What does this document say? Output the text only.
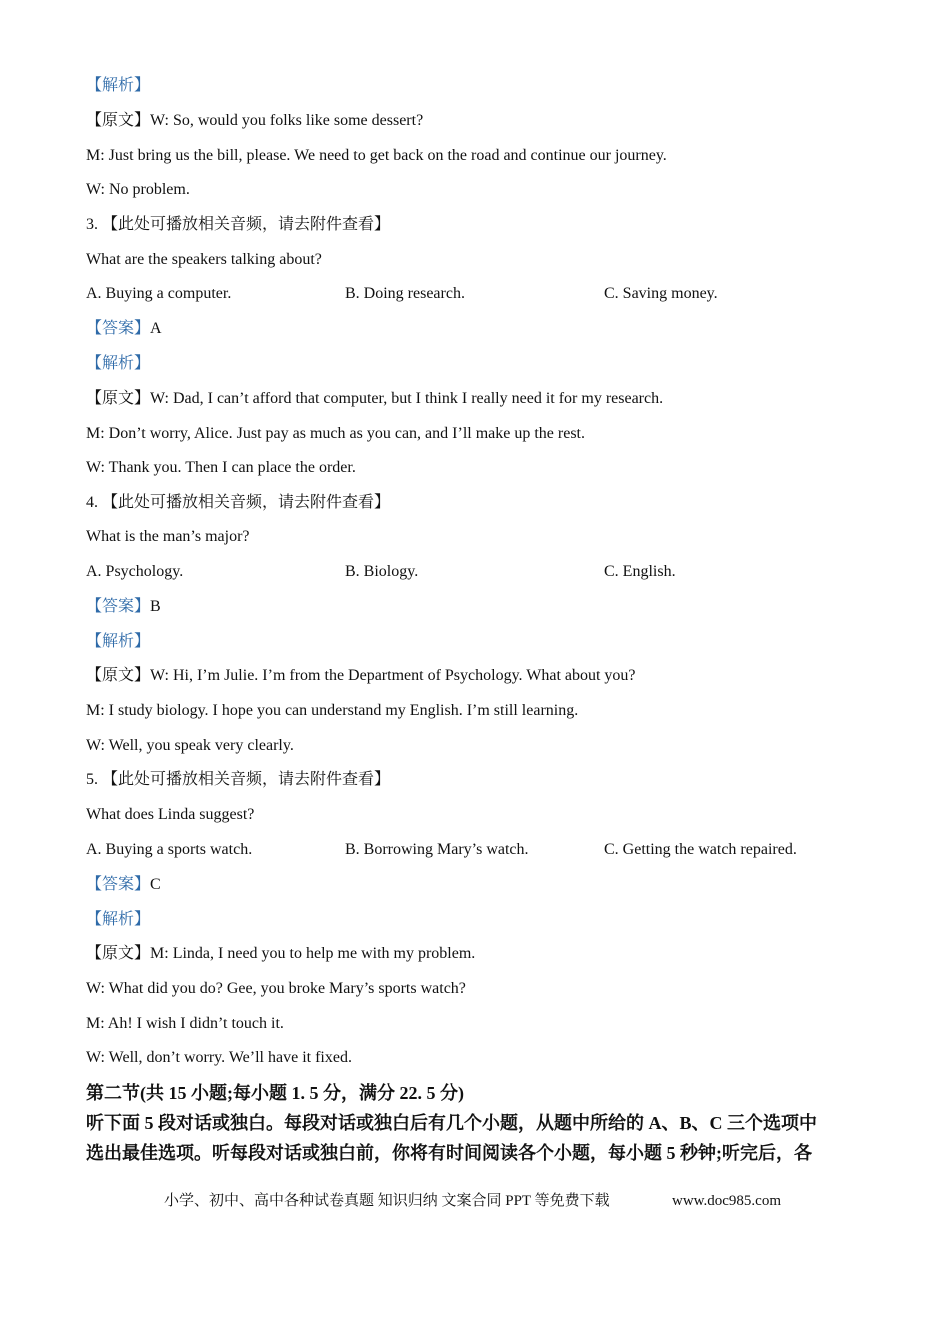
【解析】
【原文】W: So, would you folks like some dessert?
M: Just bring us the bill, please. We need to get back on the road and continue our journey.
W: No problem.
3. 【此处可播放相关音频，请去附件查看】
What are the speakers talking about?
A. Buying a computer.	B. Doing research.	C. Saving money.
【答案】A
【解析】
【原文】W: Dad, I can’t afford that computer, but I think I really need it for my research.
M: Don’t worry, Alice. Just pay as much as you can, and I’ll make up the rest.
W: Thank you. Then I can place the order.
4. 【此处可播放相关音频，请去附件查看】
What is the man’s major?
A. Psychology.	B. Biology.	C. English.
【答案】B
【解析】
【原文】W: Hi, I’m Julie. I’m from the Department of Psychology. What about you?
M: I study biology. I hope you can understand my English. I’m still learning.
W: Well, you speak very clearly.
5. 【此处可播放相关音频，请去附件查看】
What does Linda suggest?
A. Buying a sports watch.	B. Borrowing Mary’s watch.	C. Getting the watch repaired.
【答案】C
【解析】
【原文】M: Linda, I need you to help me with my problem.
W: What did you do? Gee, you broke Mary’s sports watch?
M: Ah! I wish I didn’t touch it.
W: Well, don’t worry. We’ll have it fixed.
第二节(共 15 小题;每小题 1. 5 分，满分 22. 5 分)
听下面 5 段对话或独白。每段对话或独白后有几个小题，从题中所给的 A、B、C 三个选项中
选出最佳选项。听每段对话或独白前，你将有时间阅读各个小题，每小题 5 秒钟;听完后，各
小学、初中、高中各种试卷真题 知识归纳 文案合同 PPT 等免费下载	www.doc985.com
